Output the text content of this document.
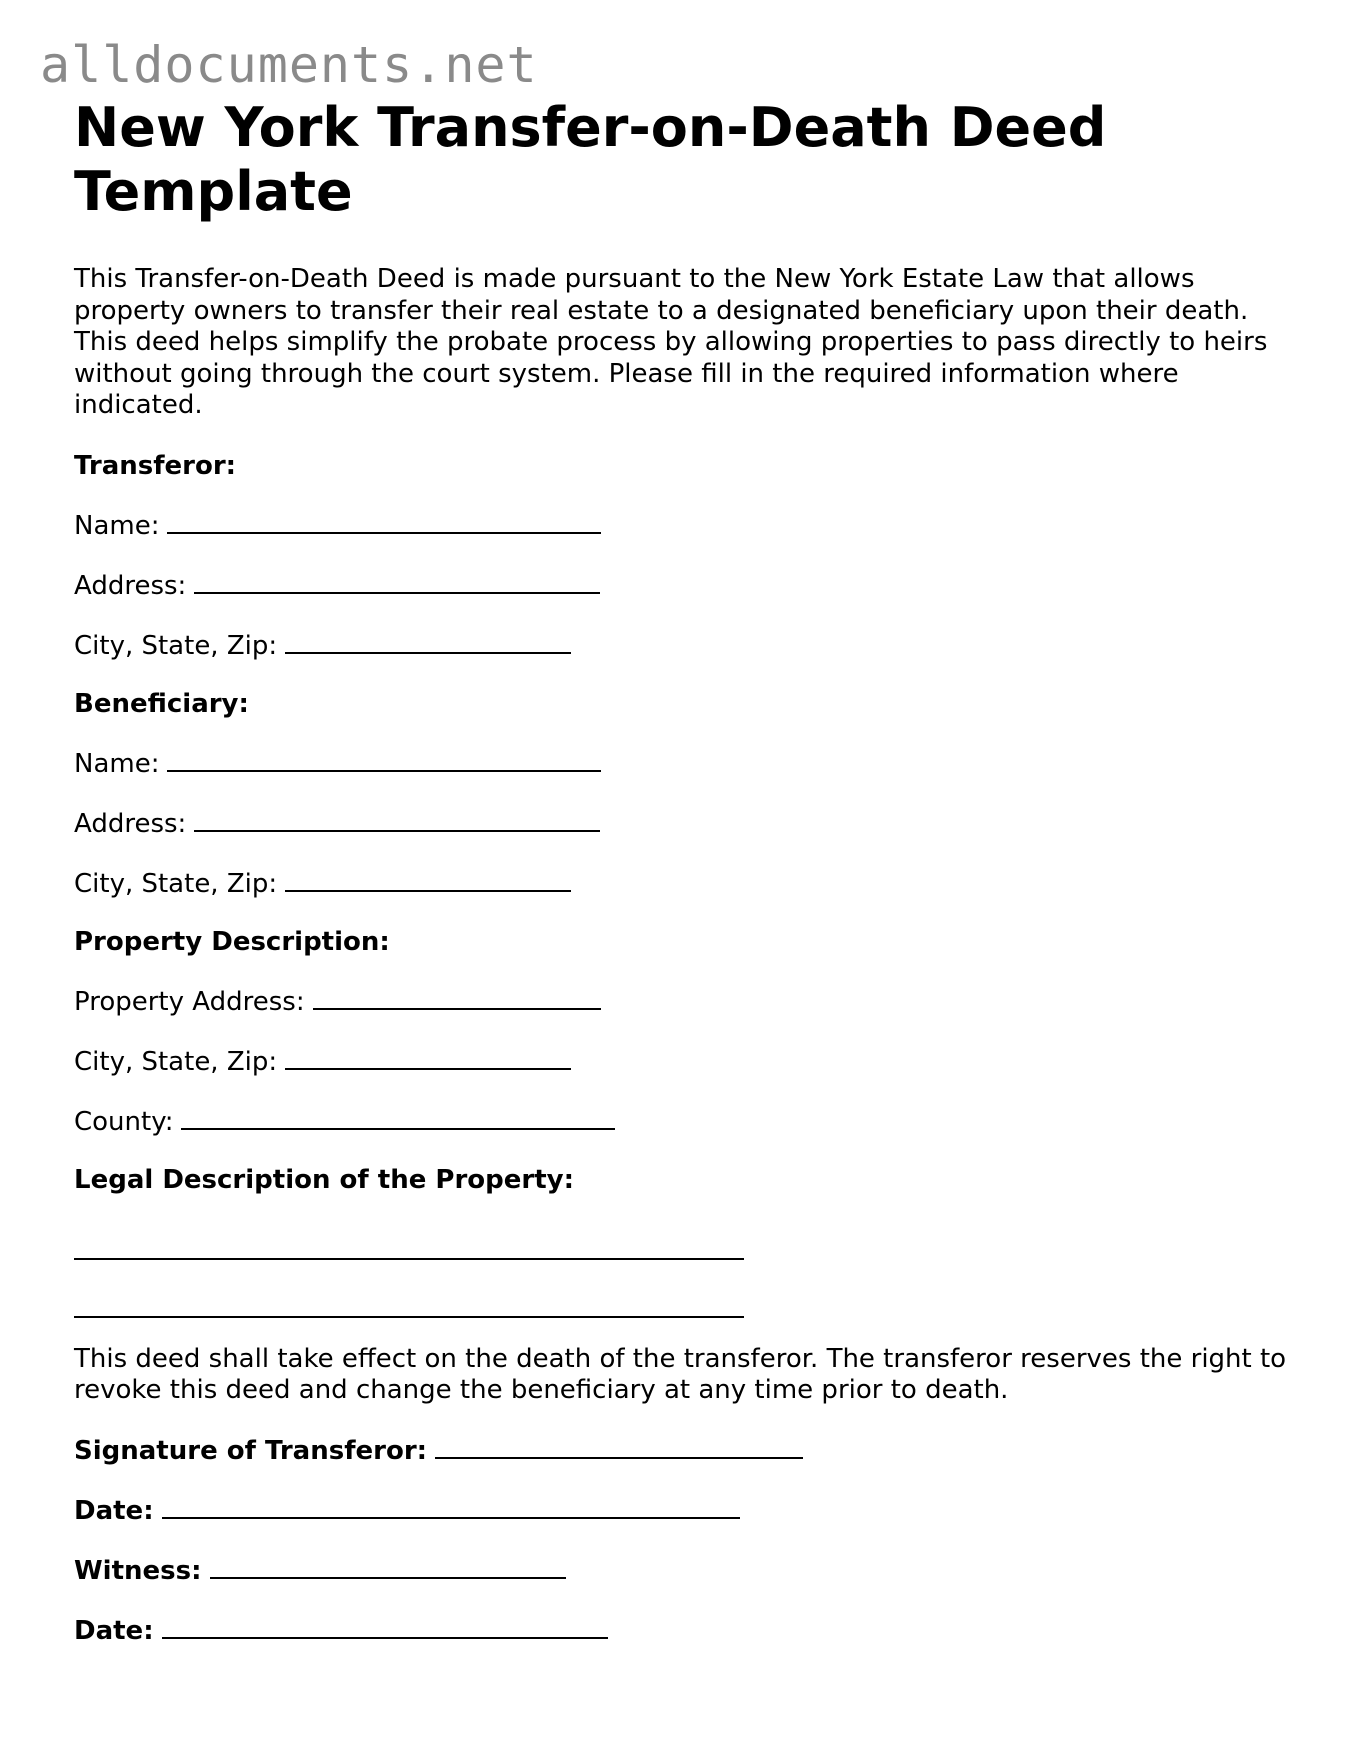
alldocuments.net
New York Transfer-on-Death Deed Template

This Transfer-on-Death Deed is made pursuant to the New York Estate Law that allows property owners to transfer their real estate to a designated beneficiary upon their death. This deed helps simplify the probate process by allowing properties to pass directly to heirs without going through the court system. Please fill in the required information where indicated.

Transferor:
Name:
Address:
City, State, Zip:
Beneficiary:
Name:
Address:
City, State, Zip:
Property Description:
Property Address:
City, State, Zip:
County:
Legal Description of the Property:

This deed shall take effect on the death of the transferor. The transferor reserves the right to revoke this deed and change the beneficiary at any time prior to death.

Signature of Transferor:
Date:
Witness:
Date:
